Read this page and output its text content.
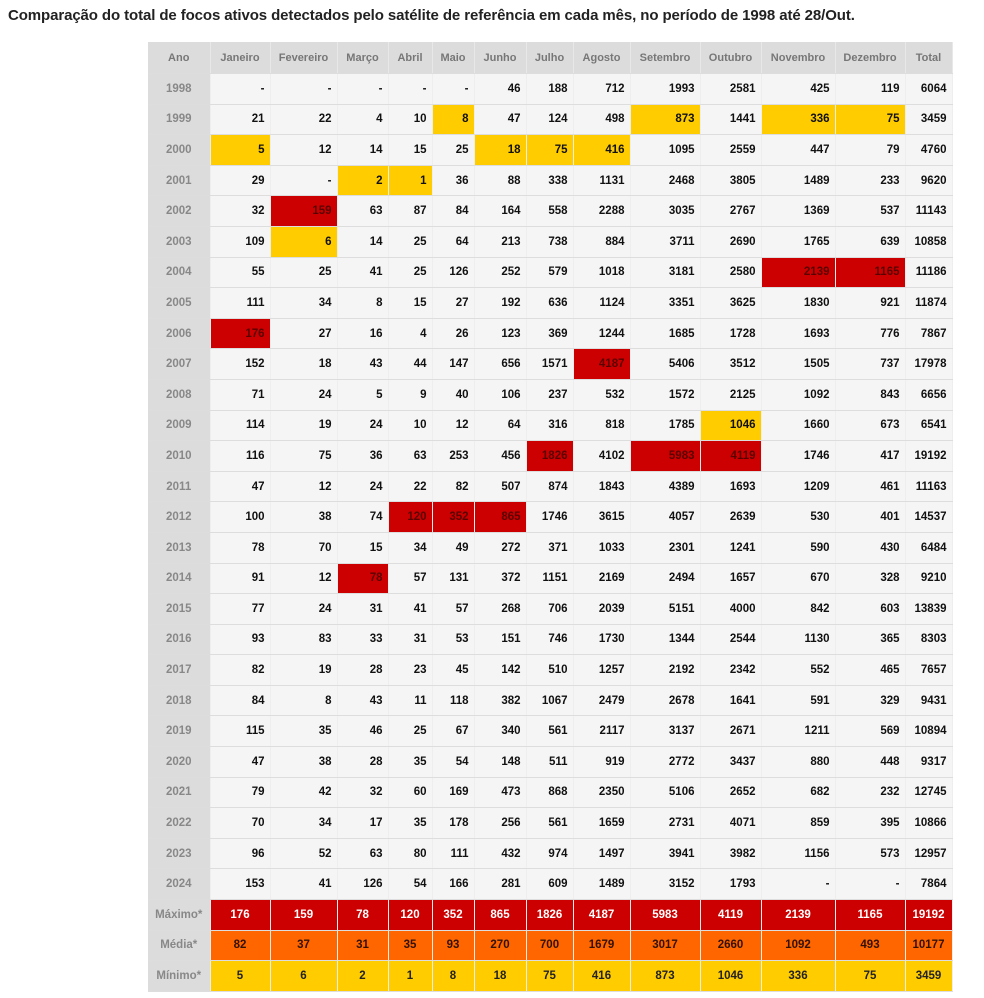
Comparação do total de focos ativos detectados pelo satélite de referência em cada mês, no período de 1998 até 28/Out.
Ano	Janeiro	Fevereiro	Março	Abril	Maio	Junho	Julho	Agosto	Setembro	Outubro	Novembro	Dezembro	Total
1998	-	-	-	-	-	46	188	712	1993	2581	425	119	6064
1999	21	22	4	10	8	47	124	498	873	1441	336	75	3459
2000	5	12	14	15	25	18	75	416	1095	2559	447	79	4760
2001	29	-	2	1	36	88	338	1131	2468	3805	1489	233	9620
2002	32	159	63	87	84	164	558	2288	3035	2767	1369	537	11143
2003	109	6	14	25	64	213	738	884	3711	2690	1765	639	10858
2004	55	25	41	25	126	252	579	1018	3181	2580	2139	1165	11186
2005	111	34	8	15	27	192	636	1124	3351	3625	1830	921	11874
2006	176	27	16	4	26	123	369	1244	1685	1728	1693	776	7867
2007	152	18	43	44	147	656	1571	4187	5406	3512	1505	737	17978
2008	71	24	5	9	40	106	237	532	1572	2125	1092	843	6656
2009	114	19	24	10	12	64	316	818	1785	1046	1660	673	6541
2010	116	75	36	63	253	456	1826	4102	5983	4119	1746	417	19192
2011	47	12	24	22	82	507	874	1843	4389	1693	1209	461	11163
2012	100	38	74	120	352	865	1746	3615	4057	2639	530	401	14537
2013	78	70	15	34	49	272	371	1033	2301	1241	590	430	6484
2014	91	12	78	57	131	372	1151	2169	2494	1657	670	328	9210
2015	77	24	31	41	57	268	706	2039	5151	4000	842	603	13839
2016	93	83	33	31	53	151	746	1730	1344	2544	1130	365	8303
2017	82	19	28	23	45	142	510	1257	2192	2342	552	465	7657
2018	84	8	43	11	118	382	1067	2479	2678	1641	591	329	9431
2019	115	35	46	25	67	340	561	2117	3137	2671	1211	569	10894
2020	47	38	28	35	54	148	511	919	2772	3437	880	448	9317
2021	79	42	32	60	169	473	868	2350	5106	2652	682	232	12745
2022	70	34	17	35	178	256	561	1659	2731	4071	859	395	10866
2023	96	52	63	80	111	432	974	1497	3941	3982	1156	573	12957
2024	153	41	126	54	166	281	609	1489	3152	1793	-	-	7864
Máximo*	176	159	78	120	352	865	1826	4187	5983	4119	2139	1165	19192
Média*	82	37	31	35	93	270	700	1679	3017	2660	1092	493	10177
Mínimo*	5	6	2	1	8	18	75	416	873	1046	336	75	3459
